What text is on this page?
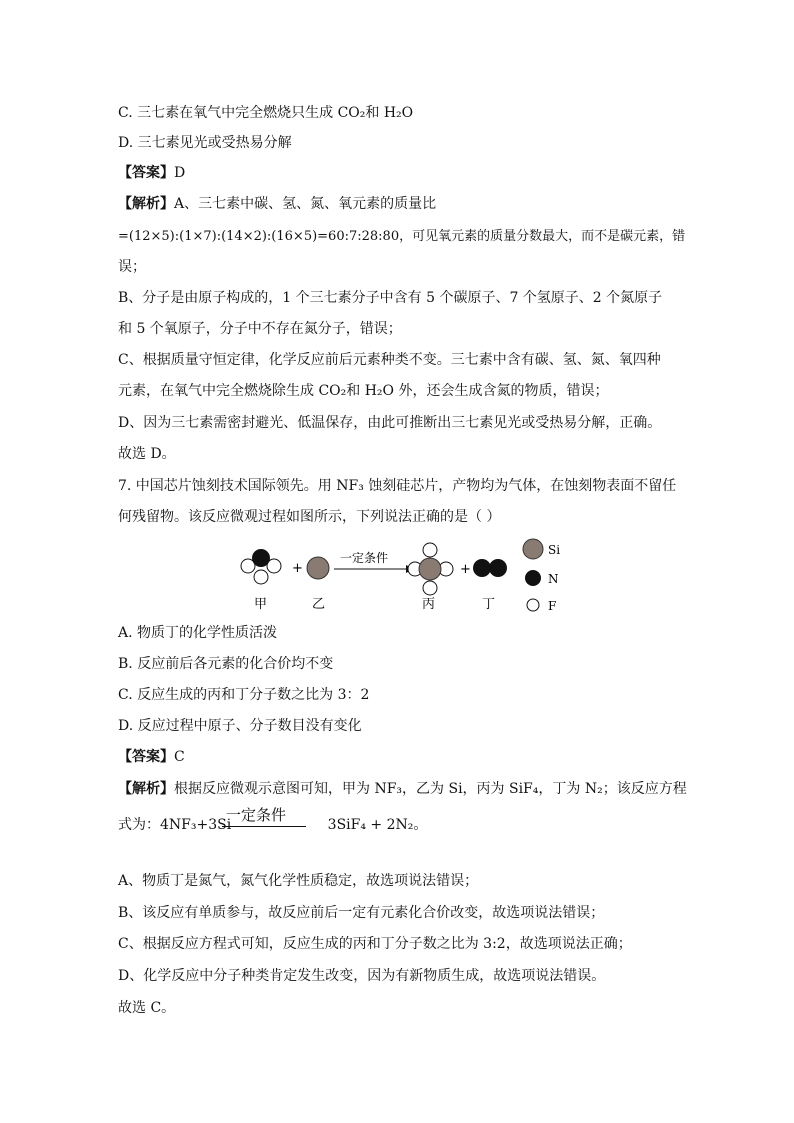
C. 三七素在氧气中完全燃烧只生成 CO₂和 H₂O
D. 三七素见光或受热易分解
【答案】D
【解析】A、三七素中碳、氢、氮、氧元素的质量比
=(12×5):(1×7):(14×2):(16×5)=60:7:28:80，可见氧元素的质量分数最大，而不是碳元素，错
误；
B、分子是由原子构成的，1 个三七素分子中含有 5 个碳原子、7 个氢原子、2 个氮原子
和 5 个氧原子，分子中不存在氮分子，错误；
C、根据质量守恒定律，化学反应前后元素种类不变。三七素中含有碳、氢、氮、氧四种
元素，在氧气中完全燃烧除生成 CO₂和 H₂O 外，还会生成含氮的物质，错误；
D、因为三七素需密封避光、低温保存，由此可推断出三七素见光或受热易分解，正确。
故选 D。
7. 中国芯片蚀刻技术国际领先。用 NF₃ 蚀刻硅芯片，产物均为气体，在蚀刻物表面不留任
何残留物。该反应微观过程如图所示，下列说法正确的是（ ）
+
一定条件
+
Si
N
F
甲	乙	丙	丁
A. 物质丁的化学性质活泼
B. 反应前后各元素的化合价均不变
C. 反应生成的丙和丁分子数之比为 3：2
D. 反应过程中原子、分子数目没有变化
【答案】C
【解析】根据反应微观示意图可知，甲为 NF₃，乙为 Si，丙为 SiF₄，丁为 N₂；该反应方程
式为：4NF₃+3Si
一定条件
3SiF₄ + 2N₂。
A、物质丁是氮气，氮气化学性质稳定，故选项说法错误；
B、该反应有单质参与，故反应前后一定有元素化合价改变，故选项说法错误；
C、根据反应方程式可知，反应生成的丙和丁分子数之比为 3:2，故选项说法正确；
D、化学反应中分子种类肯定发生改变，因为有新物质生成，故选项说法错误。
故选 C。
